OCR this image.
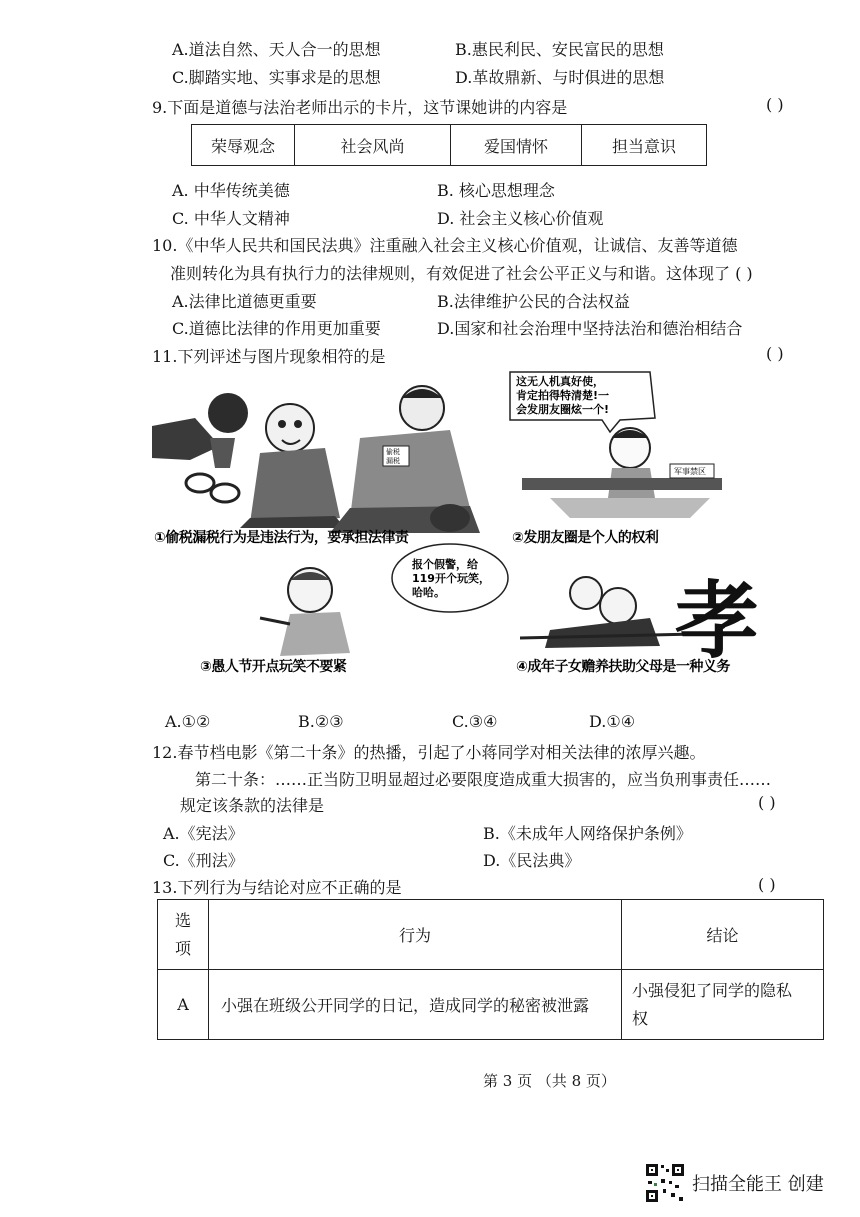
A.道法自然、天人合一的思想	B.惠民利民、安民富民的思想
C.脚踏实地、实事求是的思想	D.革故鼎新、与时俱进的思想
9.下面是道德与法治老师出示的卡片，这节课她讲的内容是	( )
荣辱观念	社会风尚	爱国情怀	担当意识
A. 中华传统美德	B. 核心思想理念
C. 中华人文精神	D. 社会主义核心价值观
10.《中华人民共和国民法典》注重融入社会主义核心价值观，让诚信、友善等道德
准则转化为具有执行力的法律规则，有效促进了社会公平正义与和谐。这体现了 ( )
A.法律比道德更重要	B.法律维护公民的合法权益
C.道德比法律的作用更加重要	D.国家和社会治理中坚持法治和德治相结合
11.下列评述与图片现象相符的是	( )
偷税
漏税
①偷税漏税行为是违法行为，要承担法律责
这无人机真好使，
肯定拍得特清楚!一
会发朋友圈炫一个!
军事禁区
②发朋友圈是个人的权利
报个假警，给
119开个玩笑，
哈哈。
③愚人节开点玩笑不要紧	孝
④成年子女赡养扶助父母是一种义务
A.①②	B.②③	C.③④	D.①④
12.春节档电影《第二十条》的热播，引起了小蒋同学对相关法律的浓厚兴趣。
第二十条：……正当防卫明显超过必要限度造成重大损害的，应当负刑事责任……
规定该条款的法律是	( )
A.《宪法》	B.《未成年人网络保护条例》
C.《刑法》	D.《民法典》
13.下列行为与结论对应不正确的是	( )
选
项	行为	结论
A	小强在班级公开同学的日记，造成同学的秘密被泄露	小强侵犯了同学的隐私
权
第 3 页 （共 8 页）
扫描全能王 创建
